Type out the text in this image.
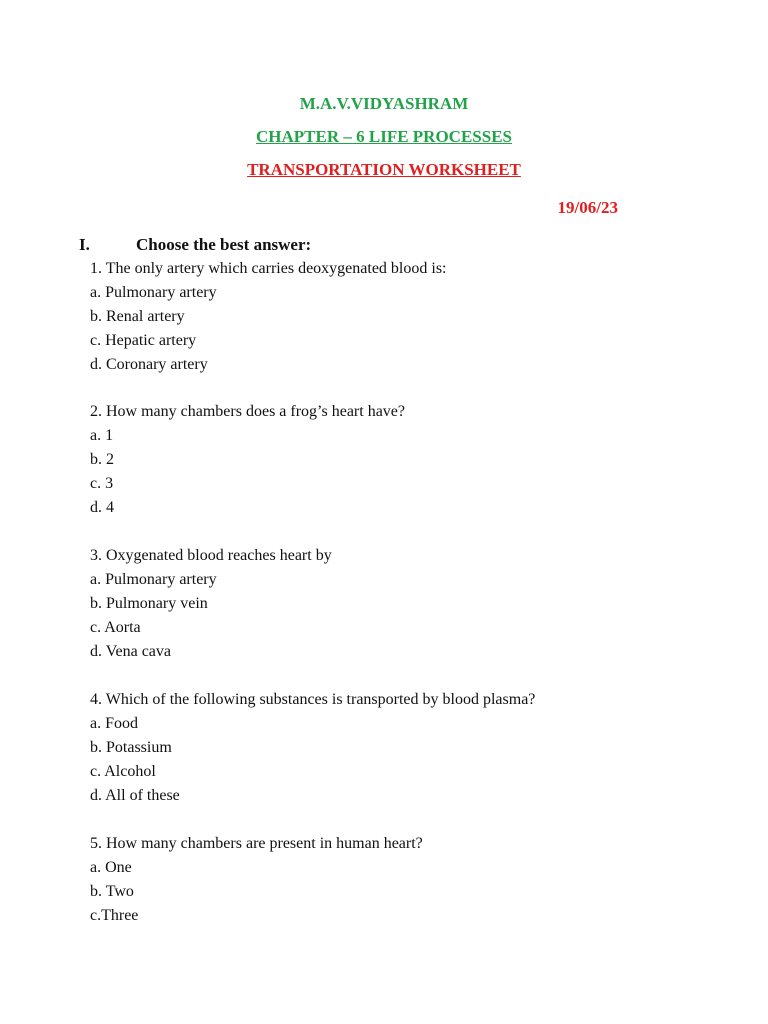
M.A.V.VIDYASHRAM
CHAPTER – 6 LIFE PROCESSES
TRANSPORTATION WORKSHEET
19/06/23
I.	Choose the best answer:
1. The only artery which carries deoxygenated blood is:
a. Pulmonary artery
b. Renal artery
c. Hepatic artery
d. Coronary artery
2. How many chambers does a frog’s heart have?
a. 1
b. 2
c. 3
d. 4
3. Oxygenated blood reaches heart by
a. Pulmonary artery
b. Pulmonary vein
c. Aorta
d. Vena cava
4. Which of the following substances is transported by blood plasma?
a. Food
b. Potassium
c. Alcohol
d. All of these
5. How many chambers are present in human heart?
a. One
b. Two
c.Three
